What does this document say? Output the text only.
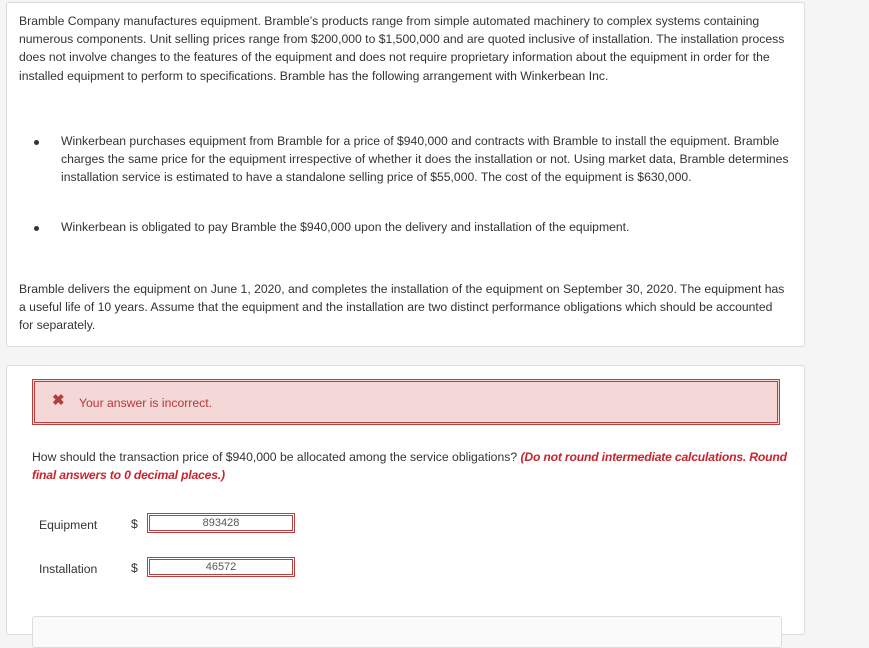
Bramble Company manufactures equipment. Bramble’s products range from simple automated machinery to complex systems containing numerous components. Unit selling prices range from $200,000 to $1,500,000 and are quoted inclusive of installation. The installation process does not involve changes to the features of the equipment and does not require proprietary information about the equipment in order for the installed equipment to perform to specifications. Bramble has the following arrangement with Winkerbean Inc.

Winkerbean purchases equipment from Bramble for a price of $940,000 and contracts with Bramble to install the equipment. Bramble charges the same price for the equipment irrespective of whether it does the installation or not. Using market data, Bramble determines installation service is estimated to have a standalone selling price of $55,000. The cost of the equipment is $630,000.
Winkerbean is obligated to pay Bramble the $940,000 upon the delivery and installation of the equipment.

Bramble delivers the equipment on June 1, 2020, and completes the installation of the equipment on September 30, 2020. The equipment has a useful life of 10 years. Assume that the equipment and the installation are two distinct performance obligations which should be accounted for separately.

✖ Your answer is incorrect.
How should the transaction price of $940,000 be allocated among the service obligations? (Do not round intermediate calculations. Round final answers to 0 decimal places.)
Equipment	$
893428
Installation	$
46572
